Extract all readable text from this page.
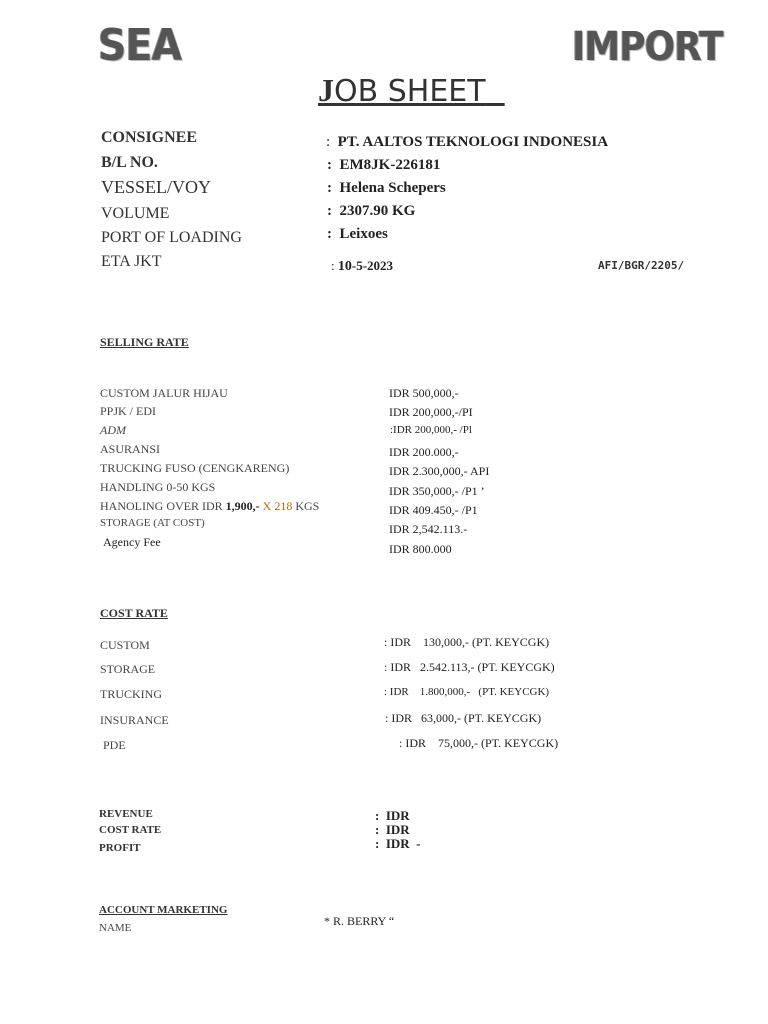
SEA	IMPORT
JOB SHEET
CONSIGNEE	:  PT. AALTOS TEKNOLOGI INDONESIA
B/L NO.	:  EM8JK-226181
VESSEL/VOY	:  Helena Schepers
VOLUME	:  2307.90 KG
PORT OF LOADING	:  Leixoes
ETA JKT	: 10-5-2023	AFI/BGR/2205/
SELLING RATE
CUSTOM JALUR HIJAU	IDR 500,000,-
PPJK / EDI	IDR 200,000,-/PI
ADM	:IDR 200,000,- /Pl
ASURANSI	IDR 200.000,-
TRUCKING FUSO (CENGKARENG)	IDR 2.300,000,- API
HANDLING 0-50 KGS	IDR 350,000,- /P1 ’
HANOLING OVER IDR 1,900,- X 218 KGS	IDR 409.450,- /P1
STORAGE (AT COST)	IDR 2,542.113.-
Agency Fee	IDR 800.000
COST RATE
CUSTOM	: IDR    130,000,- (PT. KEYCGK)
STORAGE	: IDR   2.542.113,- (PT. KEYCGK)
TRUCKING	: IDR    1.800,000,-   (PT. KEYCGK)
INSURANCE	: IDR   63,000,- (PT. KEYCGK)
PDE	: IDR    75,000,- (PT. KEYCGK)
REVENUE	:  IDR
COST RATE	:  IDR
PROFIT	:  IDR  -
ACCOUNT MARKETING
NAME	* R. BERRY “
